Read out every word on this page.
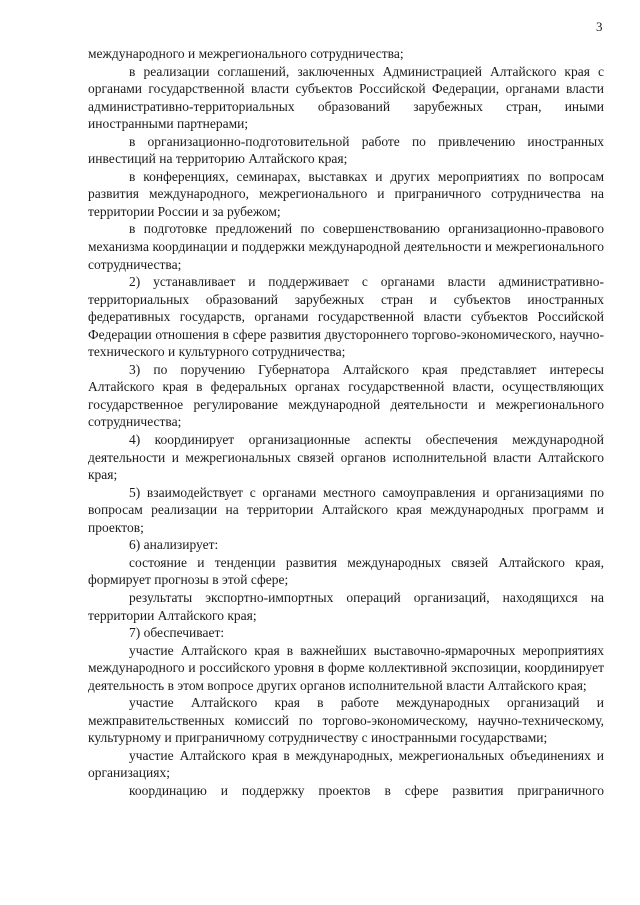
3

международного и межрегионального сотрудничества;

в реализации соглашений, заключенных Администрацией Алтайского края с органами государственной власти субъектов Российской Федерации, органами власти административно-территориальных образований зарубежных стран, иными иностранными партнерами;

в организационно-подготовительной работе по привлечению иностранных инвестиций на территорию Алтайского края;

в конференциях, семинарах, выставках и других мероприятиях по вопросам развития международного, межрегионального и приграничного сотрудничества на территории России и за рубежом;

в подготовке предложений по совершенствованию организационно-правового механизма координации и поддержки международной деятельности и межрегионального сотрудничества;

2) устанавливает и поддерживает с органами власти административно-территориальных образований зарубежных стран и субъектов иностранных федеративных государств, органами государственной власти субъектов Российской Федерации отношения в сфере развития двустороннего торгово-экономического, научно-технического и культурного сотрудничества;

3) по поручению Губернатора Алтайского края представляет интересы Алтайского края в федеральных органах государственной власти, осуществляющих государственное регулирование международной деятельности и межрегионального сотрудничества;

4) координирует организационные аспекты обеспечения международной деятельности и межрегиональных связей органов исполнительной власти Алтайского края;

5) взаимодействует с органами местного самоуправления и организациями по вопросам реализации на территории Алтайского края международных программ и проектов;

6) анализирует:

состояние и тенденции развития международных связей Алтайского края, формирует прогнозы в этой сфере;

результаты экспортно-импортных операций организаций, находящихся на территории Алтайского края;

7) обеспечивает:

участие Алтайского края в важнейших выставочно-ярмарочных мероприятиях международного и российского уровня в форме коллективной экспозиции, координирует деятельность в этом вопросе других органов исполнительной власти Алтайского края;

участие Алтайского края в работе международных организаций и межправительственных комиссий по торгово-экономическому, научно-техническому, культурному и приграничному сотрудничеству с иностранными государствами;

участие Алтайского края в международных, межрегиональных объединениях и организациях;

координацию и поддержку проектов в сфере развития приграничного
